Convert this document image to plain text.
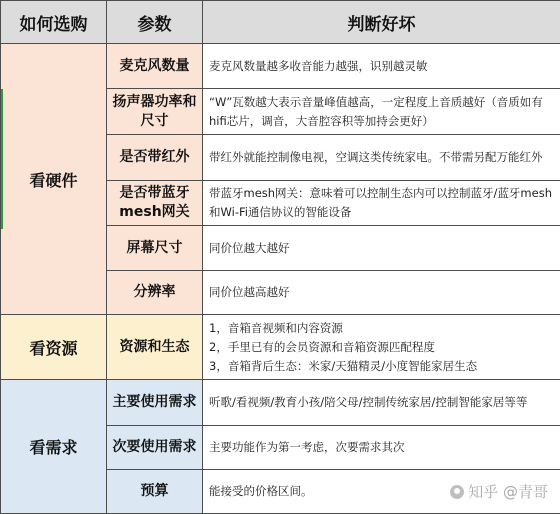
如何选购	参数	判断好坏

看硬件	麦克风数量	麦克风数量越多收音能力越强，识别越灵敏
	扬声器功率和尺寸	“W”瓦数越大表示音量峰值越高，一定程度上音质越好（音质如有hifi芯片，调音，大音腔容积等加持会更好）
	是否带红外	带红外就能控制像电视，空调这类传统家电。不带需另配万能红外
	是否带蓝牙mesh网关	带蓝牙mesh网关：意味着可以控制生态内可以控制蓝牙/蓝牙mesh和Wi-Fi通信协议的智能设备
	屏幕尺寸	同价位越大越好
	分辨率	同价位越高越好
看资源	资源和生态	1，音箱音视频和内容资源
2，手里已有的会员资源和音箱资源匹配程度
3，音箱背后生态：米家/天猫精灵/小度智能家居生态

看需求	主要使用需求	听歌/看视频/教育小孩/陪父母/控制传统家居/控制智能家居等等
	次要使用需求	主要功能作为第一考虑，次要需求其次
	预算	能接受的价格区间。	知乎 @青哥
